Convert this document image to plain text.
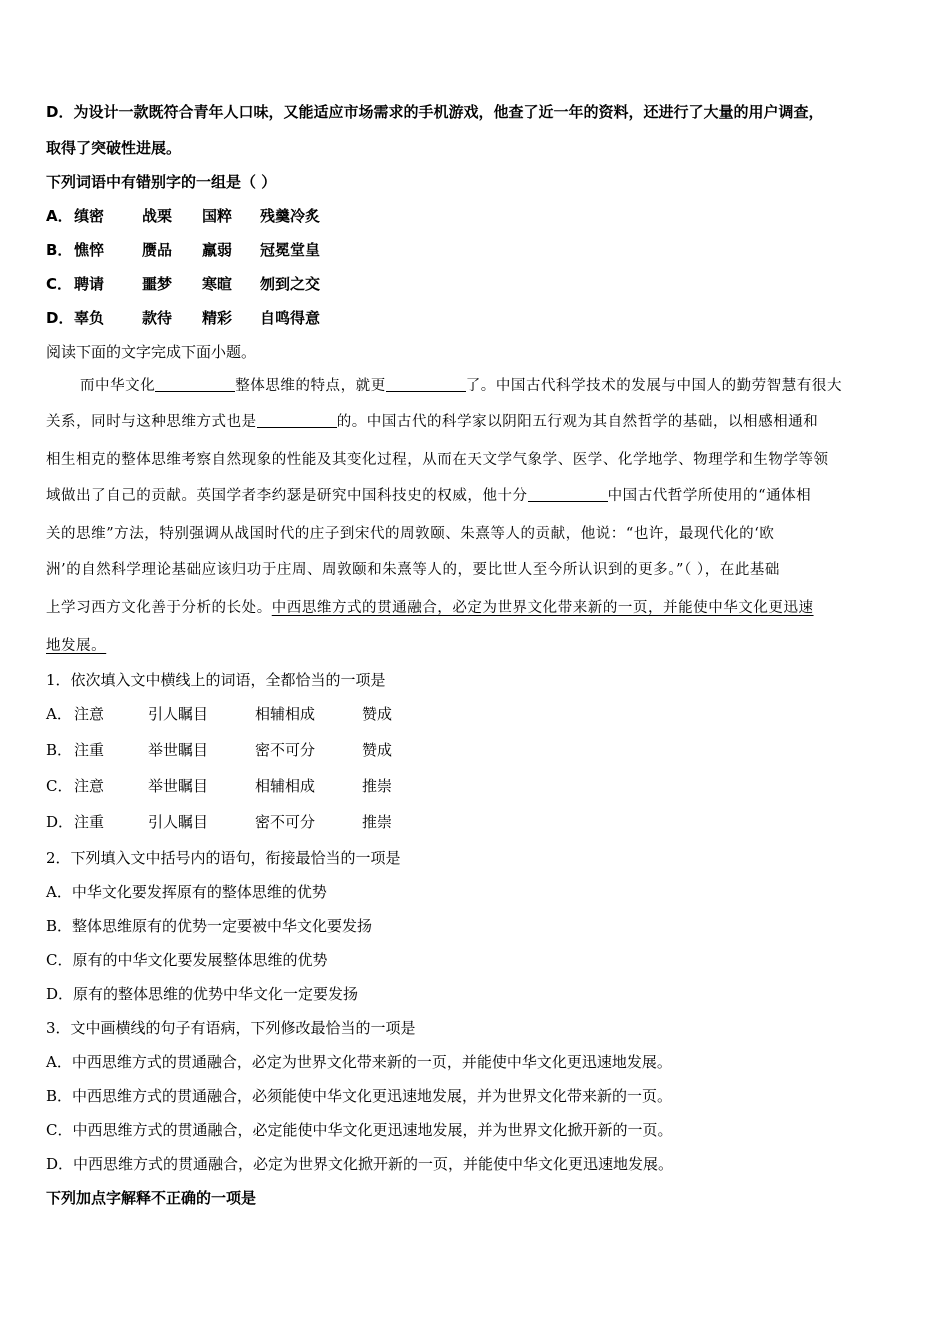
D．为设计一款既符合青年人口味，又能适应市场需求的手机游戏，他查了近一年的资料，还进行了大量的用户调查，
取得了突破性进展。
下列词语中有错别字的一组是（ ）
A．缜密	战栗 国粹 残羹冷炙
B． 憔悴	赝品 羸弱 冠冕堂皇
C． 聘请	噩梦 寒暄 刎到之交
D．辜负	款待 精彩 自鸣得意
阅读下面的文字完成下面小题。
而中华文化	整体思维的特点，就更	了。中国古代科学技术的发展与中国人的勤劳智慧有很大
关系，同时与这种思维方式也是	的。中国古代的科学家以阴阳五行观为其自然哲学的基础，以相感相通和
相生相克的整体思维考察自然现象的性能及其变化过程，从而在天文学气象学、医学、化学地学、物理学和生物学等领
域做出了自己的贡献。英国学者李约瑟是研究中国科技史的权威，他十分	中国古代哲学所使用的“通体相
关的思维”方法，特别强调从战国时代的庄子到宋代的周敦颐、朱熹等人的贡献，他说：“也许，最现代化的‘欧
洲’的自然科学理论基础应该归功于庄周、周敦颐和朱熹等人的，要比世人至今所认识到的更多。”（ ），在此基础
上学习西方文化善于分析的长处。中西思维方式的贯通融合，必定为世界文化带来新的一页，并能使中华文化更迅速
地发展。
1．依次填入文中横线上的词语，全都恰当的一项是
A． 注意	引人瞩目	相辅相成	赞成
B． 注重	举世瞩目	密不可分	赞成
C． 注意	举世瞩目	相辅相成	推崇
D．注重	引人瞩目	密不可分	推崇
2．下列填入文中括号内的语句，衔接最恰当的一项是
A．中华文化要发挥原有的整体思维的优势
B．整体思维原有的优势一定要被中华文化要发扬
C．原有的中华文化要发展整体思维的优势
D．原有的整体思维的优势中华文化一定要发扬
3．文中画横线的句子有语病，下列修改最恰当的一项是
A．中西思维方式的贯通融合，必定为世界文化带来新的一页，并能使中华文化更迅速地发展。
B．中西思维方式的贯通融合，必须能使中华文化更迅速地发展，并为世界文化带来新的一页。
C．中西思维方式的贯通融合，必定能使中华文化更迅速地发展，并为世界文化掀开新的一页。
D．中西思维方式的贯通融合，必定为世界文化掀开新的一页，并能使中华文化更迅速地发展。
下列加点字解释不正确的一项是
